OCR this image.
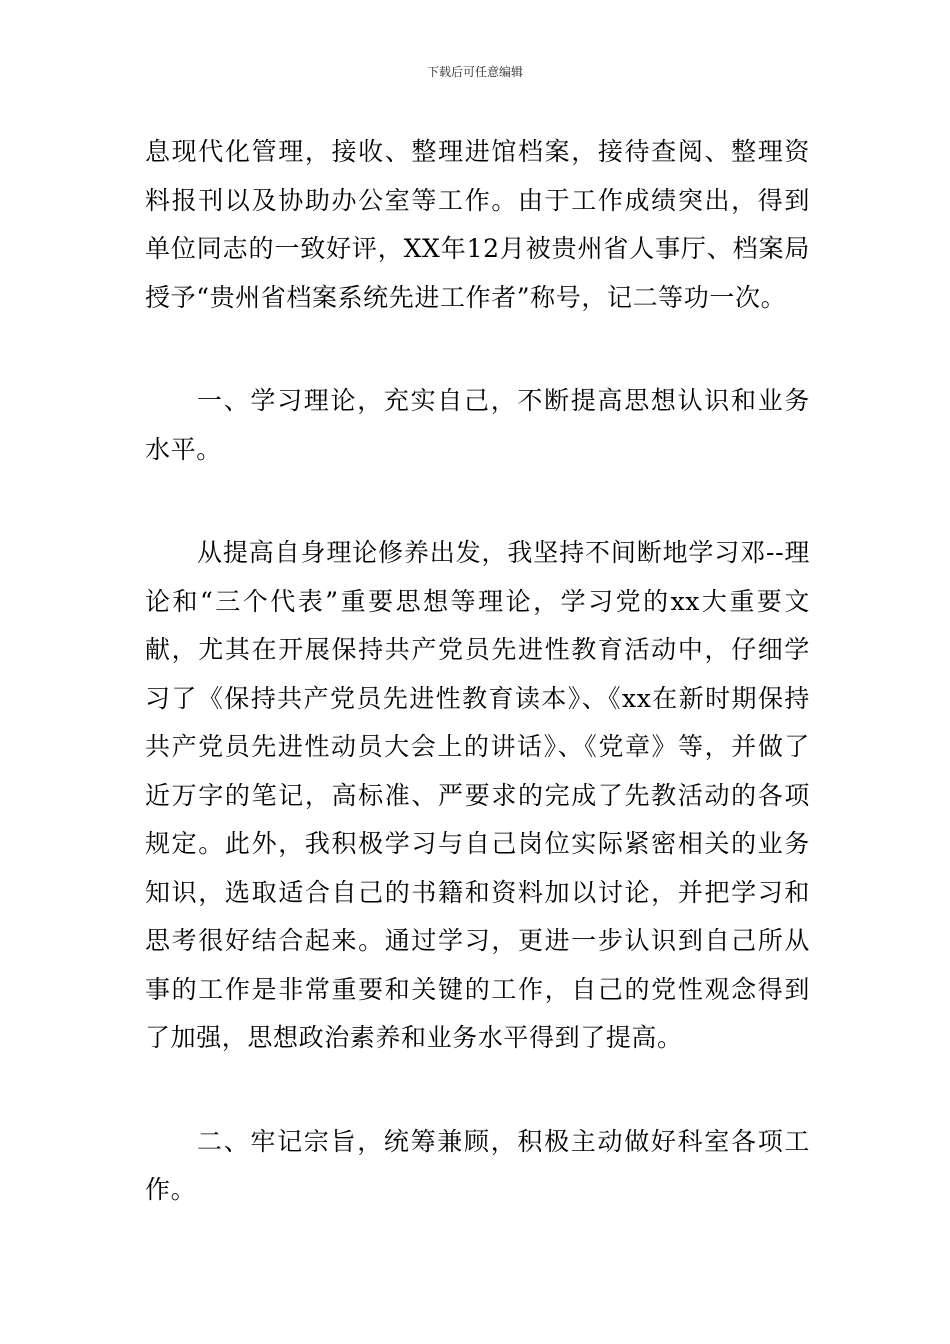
下载后可任意编辑

息现代化管理，接收、整理进馆档案，接待查阅、整理资料报刊以及协助办公室等工作。由于工作成绩突出，得到单位同志的一致好评，XX年12月被贵州省人事厅、档案局授予“贵州省档案系统先进工作者”称号，记二等功一次。

一、学习理论，充实自己，不断提高思想认识和业务水平。

从提高自身理论修养出发，我坚持不间断地学习邓--理论和“三个代表”重要思想等理论，学习党的xx大重要文献，尤其在开展保持共产党员先进性教育活动中，仔细学习了《保持共产党员先进性教育读本》、《xx在新时期保持共产党员先进性动员大会上的讲话》、《党章》等，并做了近万字的笔记，高标准、严要求的完成了先教活动的各项规定。此外，我积极学习与自己岗位实际紧密相关的业务知识，选取适合自己的书籍和资料加以讨论，并把学习和思考很好结合起来。通过学习，更进一步认识到自己所从事的工作是非常重要和关键的工作，自己的党性观念得到了加强，思想政治素养和业务水平得到了提高。

二、牢记宗旨，统筹兼顾，积极主动做好科室各项工作。
